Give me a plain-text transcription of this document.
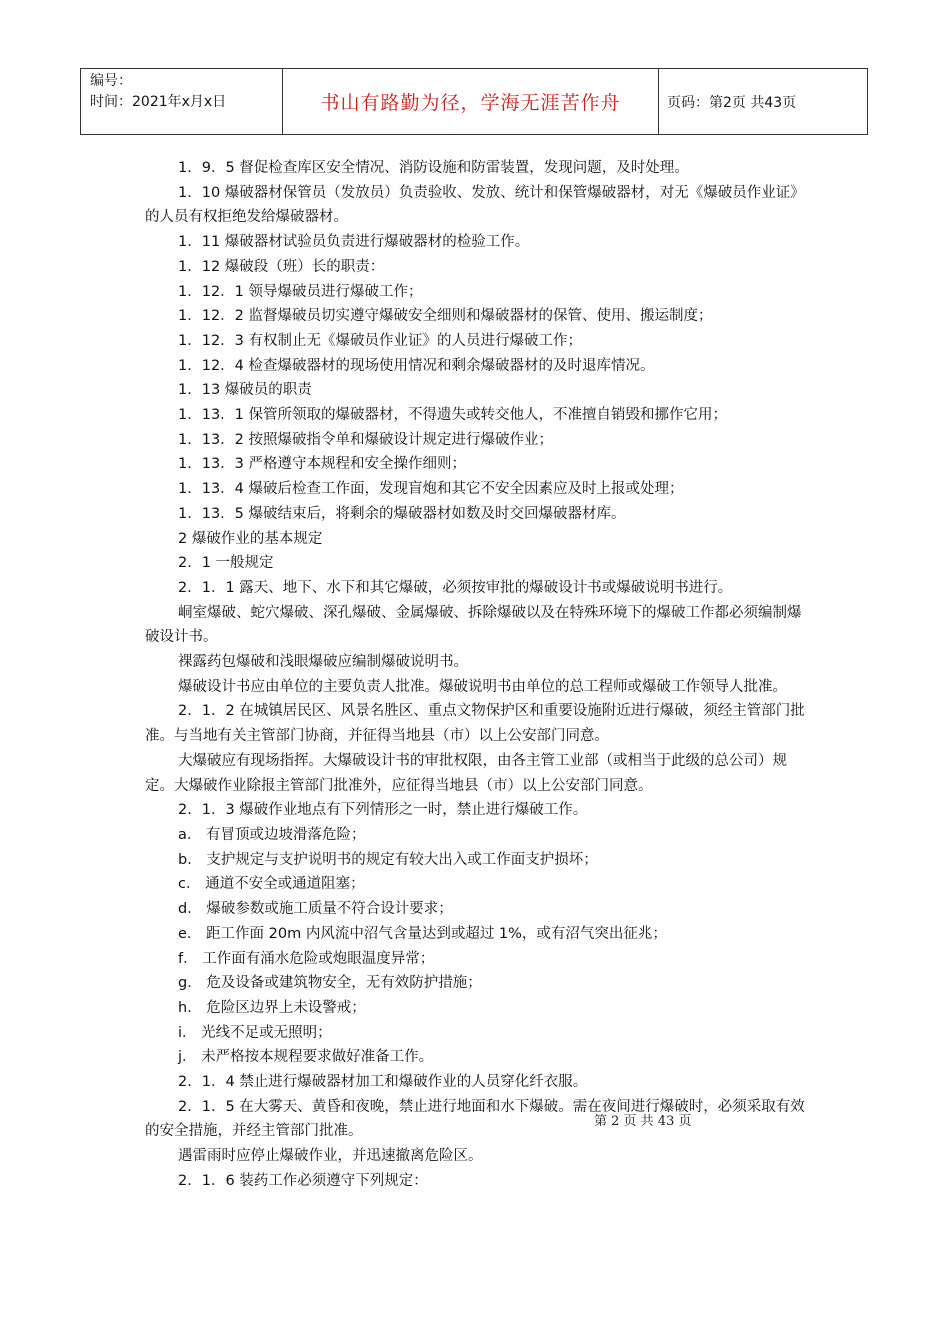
编号：
时间：2021年x月x日	书山有路勤为径，学海无涯苦作舟	页码：第2页 共43页

1．9．5 督促检查库区安全情况、消防设施和防雷装置，发现问题，及时处理。

1．10 爆破器材保管员（发放员）负责验收、发放、统计和保管爆破器材，对无《爆破员作业证》的人员有权拒绝发给爆破器材。

1．11 爆破器材试验员负责进行爆破器材的检验工作。

1．12 爆破段（班）长的职责：

1．12．1 领导爆破员进行爆破工作；

1．12．2 监督爆破员切实遵守爆破安全细则和爆破器材的保管、使用、搬运制度；

1．12．3 有权制止无《爆破员作业证》的人员进行爆破工作；

1．12．4 检查爆破器材的现场使用情况和剩余爆破器材的及时退库情况。

1．13 爆破员的职责

1．13．1 保管所领取的爆破器材，不得遗失或转交他人，不准擅自销毁和挪作它用；

1．13．2 按照爆破指令单和爆破设计规定进行爆破作业；

1．13．3 严格遵守本规程和安全操作细则；

1．13．4 爆破后检查工作面，发现盲炮和其它不安全因素应及时上报或处理；

1．13．5 爆破结束后，将剩余的爆破器材如数及时交回爆破器材库。

2 爆破作业的基本规定

2．1 一般规定

2．1．1 露天、地下、水下和其它爆破，必须按审批的爆破设计书或爆破说明书进行。

峒室爆破、蛇穴爆破、深孔爆破、金属爆破、拆除爆破以及在特殊环境下的爆破工作都必须编制爆破设计书。

裸露药包爆破和浅眼爆破应编制爆破说明书。

爆破设计书应由单位的主要负责人批准。爆破说明书由单位的总工程师或爆破工作领导人批准。

2．1．2 在城镇居民区、风景名胜区、重点文物保护区和重要设施附近进行爆破，须经主管部门批准。与当地有关主管部门协商，并征得当地县（市）以上公安部门同意。

大爆破应有现场指挥。大爆破设计书的审批权限，由各主管工业部（或相当于此级的总公司）规定。大爆破作业除报主管部门批准外，应征得当地县（市）以上公安部门同意。

2．1．3 爆破作业地点有下列情形之一时，禁止进行爆破工作。

a． 有冒顶或边坡滑落危险；

b． 支护规定与支护说明书的规定有较大出入或工作面支护损坏；

c． 通道不安全或通道阻塞；

d． 爆破参数或施工质量不符合设计要求；

e． 距工作面 20m 内风流中沼气含量达到或超过 1%，或有沼气突出征兆；

f． 工作面有涌水危险或炮眼温度异常；

g． 危及设备或建筑物安全，无有效防护措施；

h． 危险区边界上未设警戒；

i． 光线不足或无照明；

j． 未严格按本规程要求做好准备工作。

2．1．4 禁止进行爆破器材加工和爆破作业的人员穿化纤衣服。

2．1．5 在大雾天、黄昏和夜晚，禁止进行地面和水下爆破。需在夜间进行爆破时，必须采取有效的安全措施，并经主管部门批准。

遇雷雨时应停止爆破作业，并迅速撤离危险区。

2．1．6 装药工作必须遵守下列规定：

第 2 页 共 43 页
